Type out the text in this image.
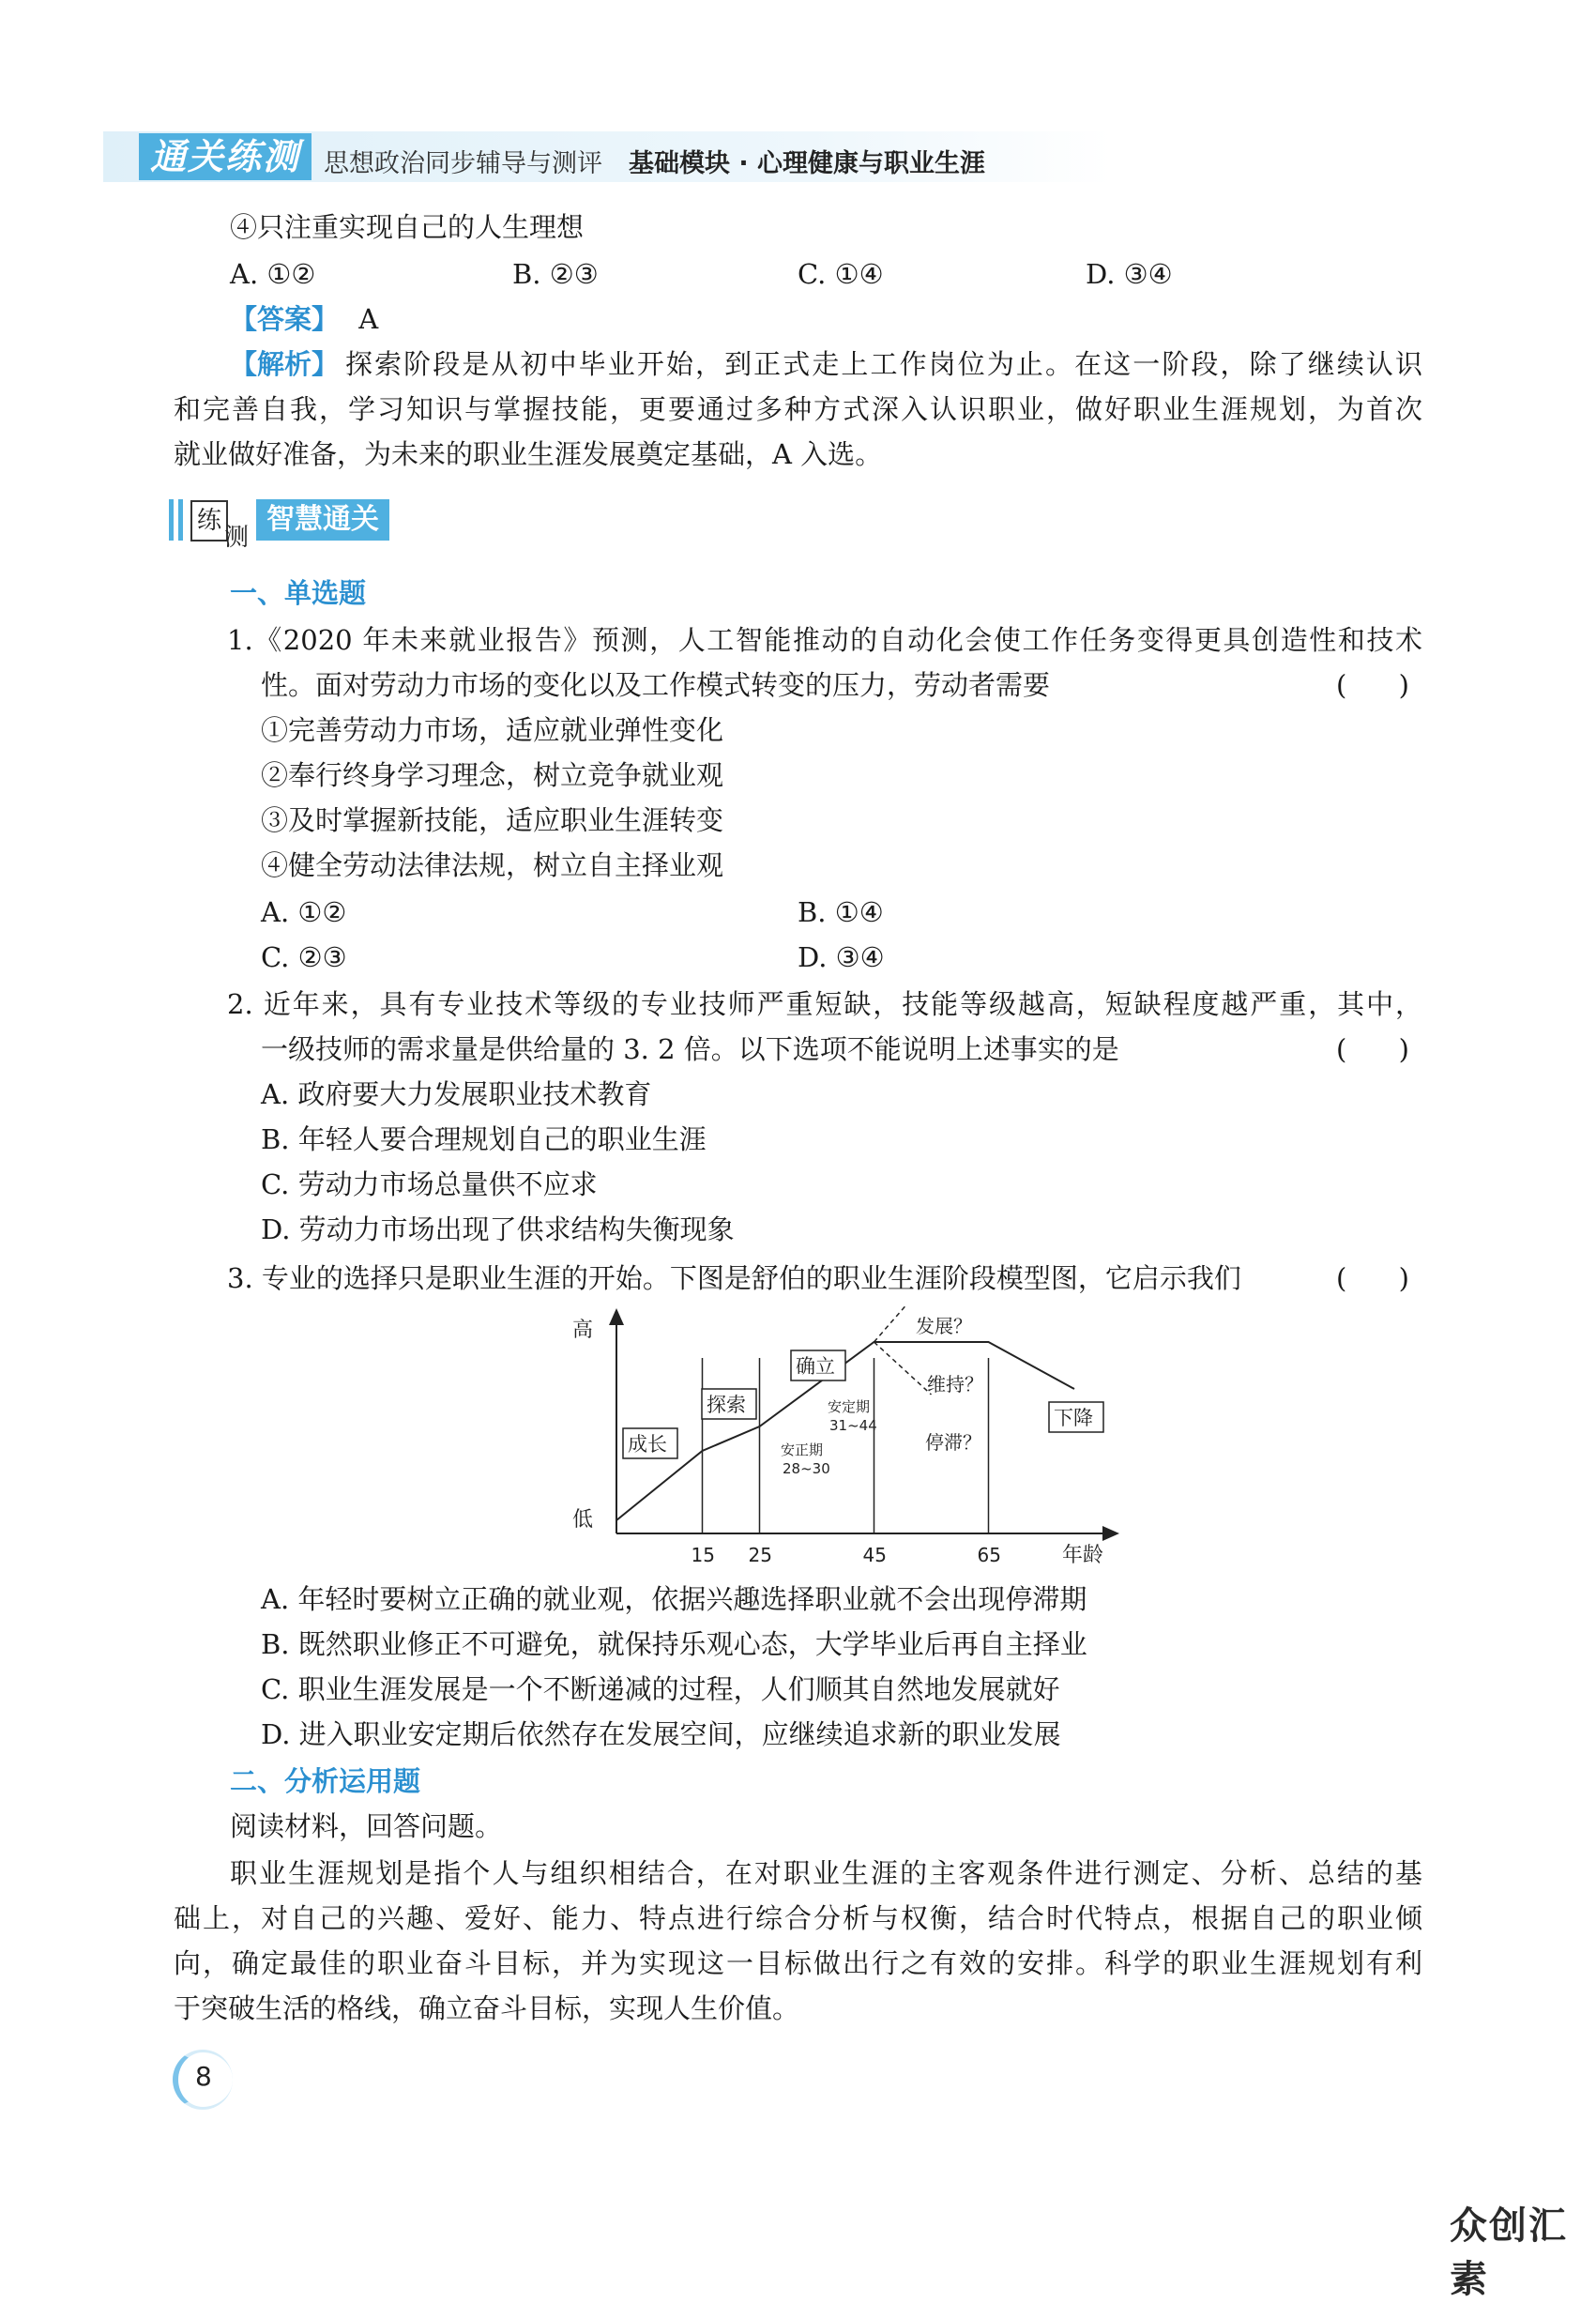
通关练测 思想政治同步辅导与测评 基础模块 · 心理健康与职业生涯
④只注重实现自己的人生理想
A. ①②	B. ②③	C. ①④	D. ③④
【答案】 A
【解析】 探索阶段是从初中毕业开始，到正式走上工作岗位为止。在这一阶段，除了继续认识
和完善自我，学习知识与掌握技能，更要通过多种方式深入认识职业，做好职业生涯规划，为首次
就业做好准备，为未来的职业生涯发展奠定基础，A 入选。
练
测
智慧通关
一、单选题
1.《2020 年未来就业报告》预测，人工智能推动的自动化会使工作任务变得更具创造性和技术
性。面对劳动力市场的变化以及工作模式转变的压力，劳动者需要	(      )
①完善劳动力市场，适应就业弹性变化
②奉行终身学习理念，树立竞争就业观
③及时掌握新技能，适应职业生涯转变
④健全劳动法律法规，树立自主择业观
A. ①②	B. ①④
C. ②③	D. ③④
2. 近年来，具有专业技术等级的专业技师严重短缺，技能等级越高，短缺程度越严重，其中，
一级技师的需求量是供给量的 3. 2 倍。以下选项不能说明上述事实的是	(      )
A. 政府要大力发展职业技术教育
B. 年轻人要合理规划自己的职业生涯
C. 劳动力市场总量供不应求
D. 劳动力市场出现了供求结构失衡现象
3. 专业的选择只是职业生涯的开始。下图是舒伯的职业生涯阶段模型图，它启示我们	(      )
高
低
年龄
15 25	45	65
成长
探索
确立
下降
安正期
28~30
安定期
31~44
发展？
维持？
停滞？
A. 年轻时要树立正确的就业观，依据兴趣选择职业就不会出现停滞期
B. 既然职业修正不可避免，就保持乐观心态，大学毕业后再自主择业
C. 职业生涯发展是一个不断递减的过程，人们顺其自然地发展就好
D. 进入职业安定期后依然存在发展空间，应继续追求新的职业发展
二、分析运用题
阅读材料，回答问题。
职业生涯规划是指个人与组织相结合，在对职业生涯的主客观条件进行测定、分析、总结的基
础上，对自己的兴趣、爱好、能力、特点进行综合分析与权衡，结合时代特点，根据自己的职业倾
向，确定最佳的职业奋斗目标，并为实现这一目标做出行之有效的安排。科学的职业生涯规划有利
于突破生活的格线，确立奋斗目标，实现人生价值。
8
众创汇素
